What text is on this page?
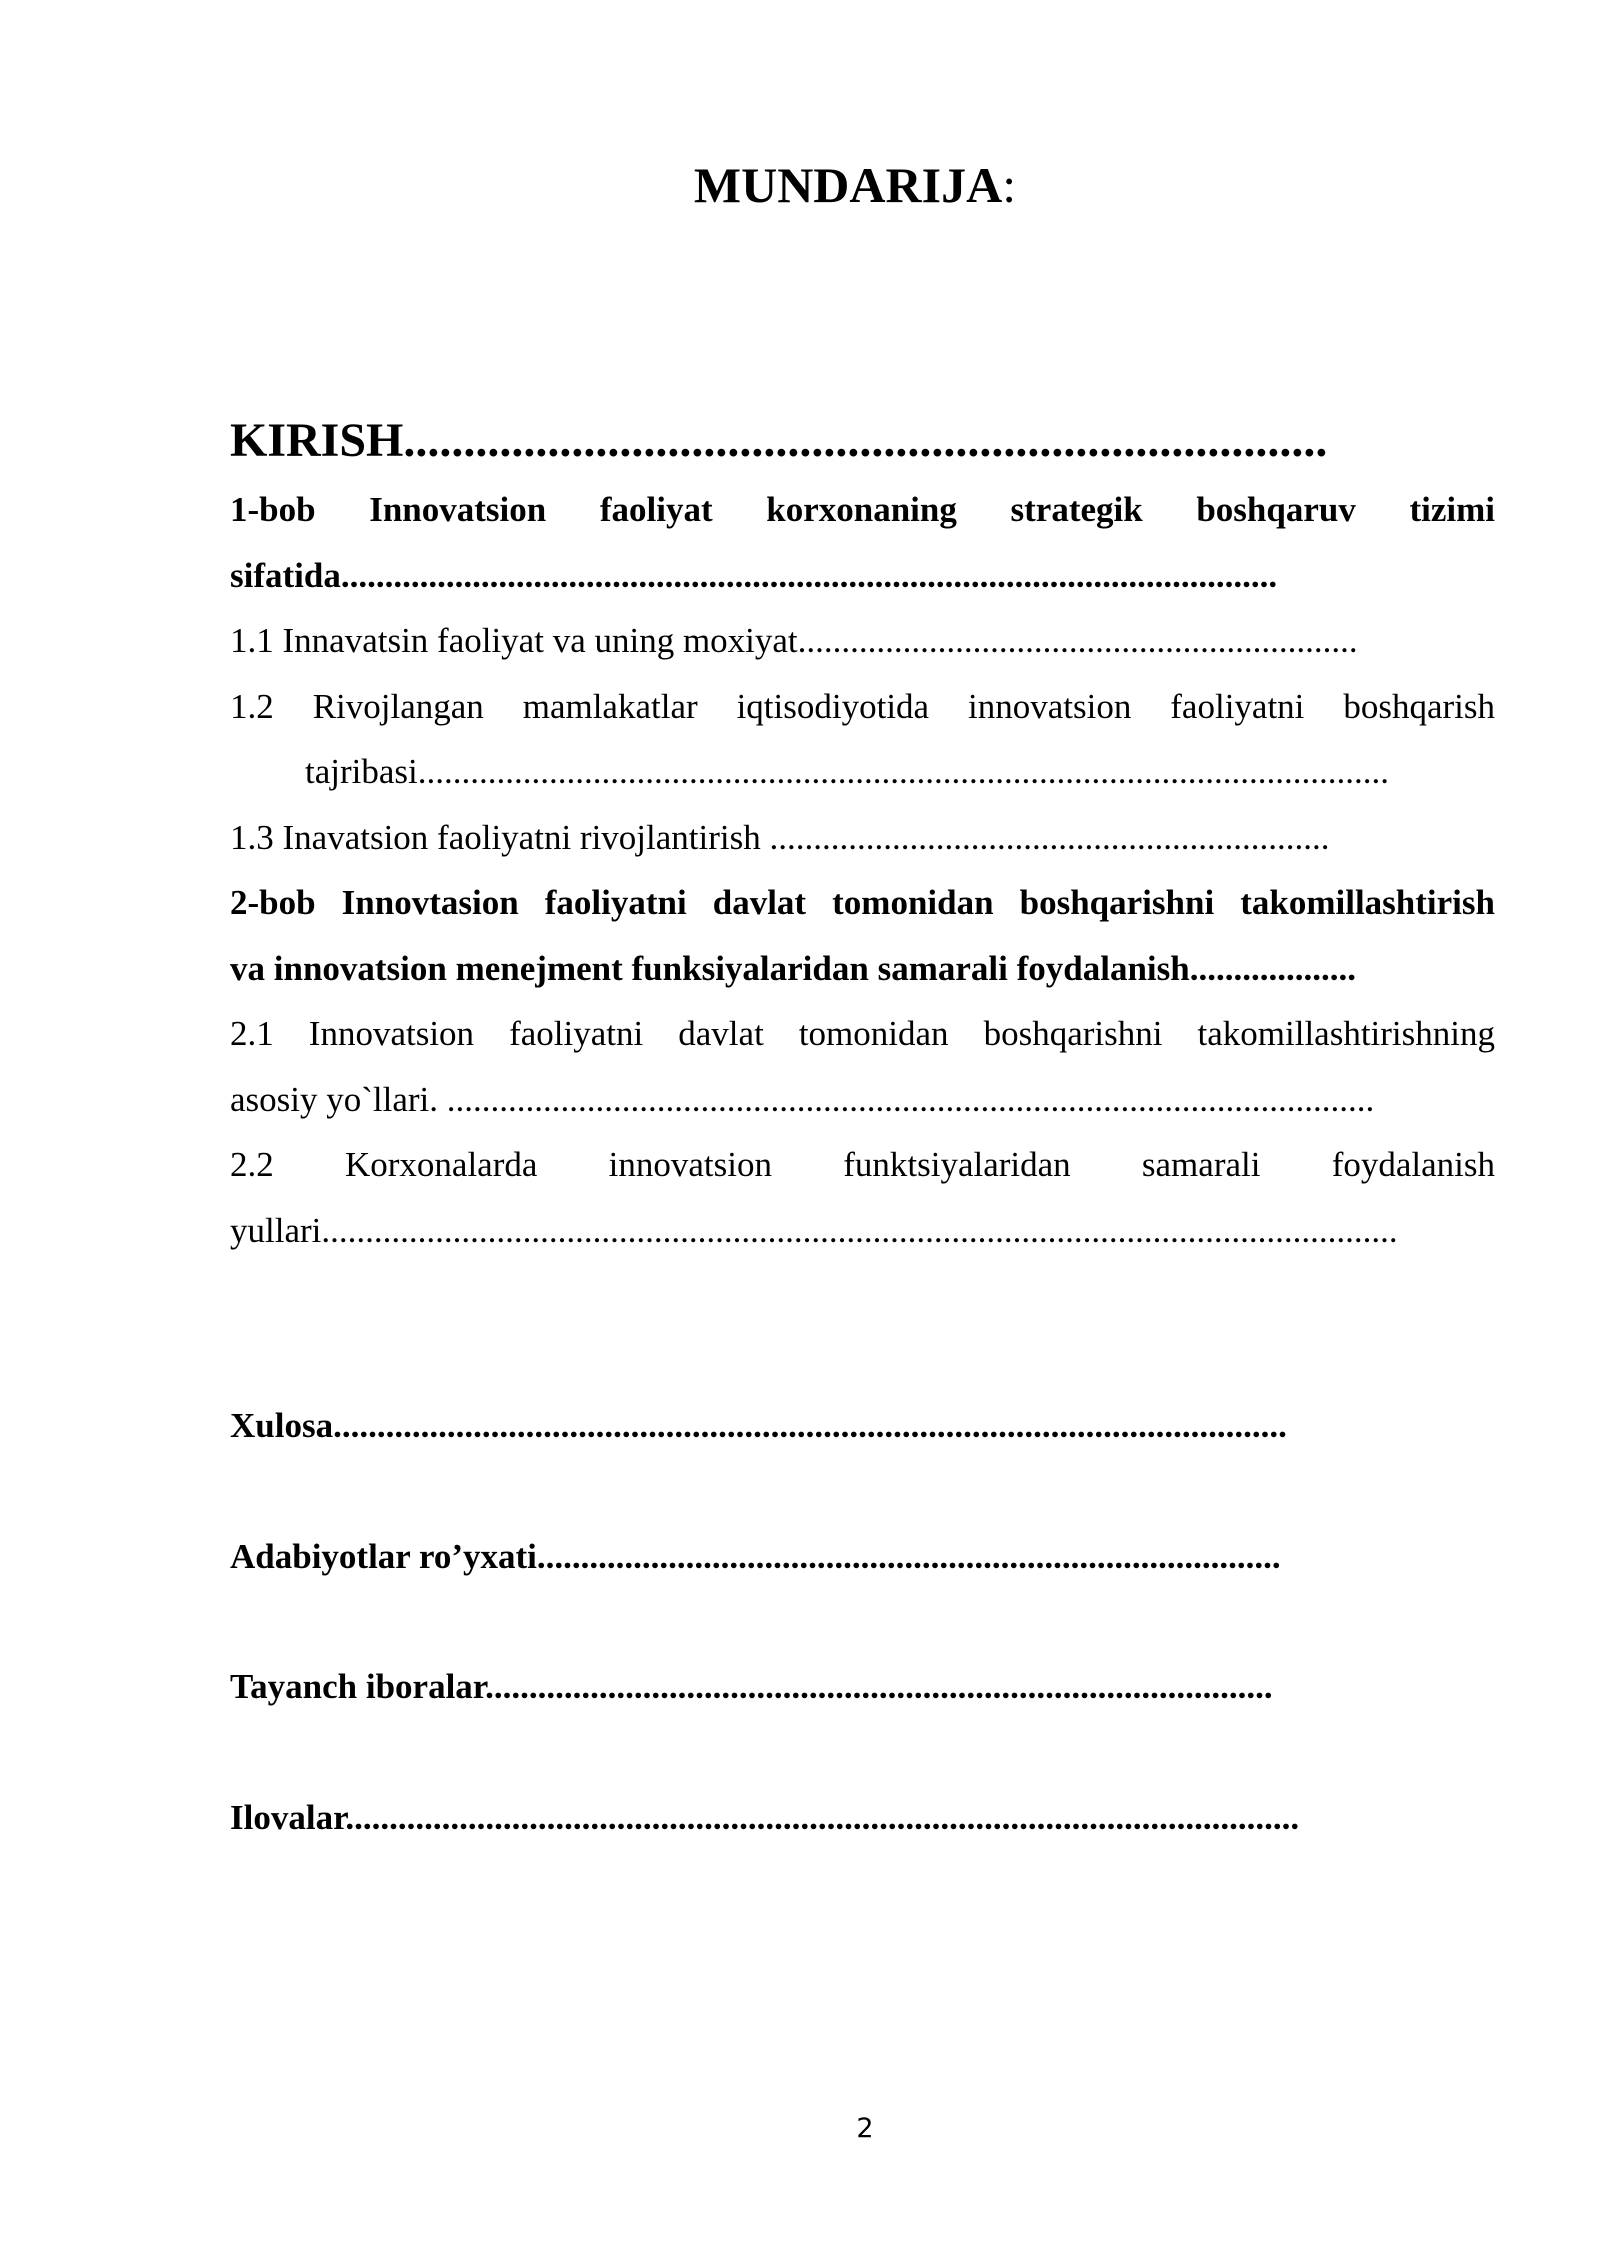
MUNDARIJA:
KIRISH.............................................................................
1-bob Innovatsion faoliyat korxonaning strategik boshqaruv tizimi
sifatida...........................................................................................................
1.1 Innavatsin faoliyat va uning moxiyat................................................................
1.2 Rivojlangan mamlakatlar iqtisodiyotida innovatsion faoliyatni boshqarish
tajribasi...............................................................................................................
1.3 Inavatsion faoliyatni rivojlantirish ................................................................
2-bob Innovtasion faoliyatni davlat tomonidan boshqarishni takomillashtirish
va innovatsion menejment funksiyalaridan samarali foydalanish...................
2.1 Innovatsion faoliyatni davlat tomonidan boshqarishni takomillashtirishning
asosiy yo`llari. ..........................................................................................................
2.2 Korxonalarda innovatsion funktsiyalaridan samarali foydalanish
yullari...........................................................................................................................
Xulosa.............................................................................................................
Adabiyotlar ro’yxati.....................................................................................
Tayanch iboralar..........................................................................................
Ilovalar.............................................................................................................
2
